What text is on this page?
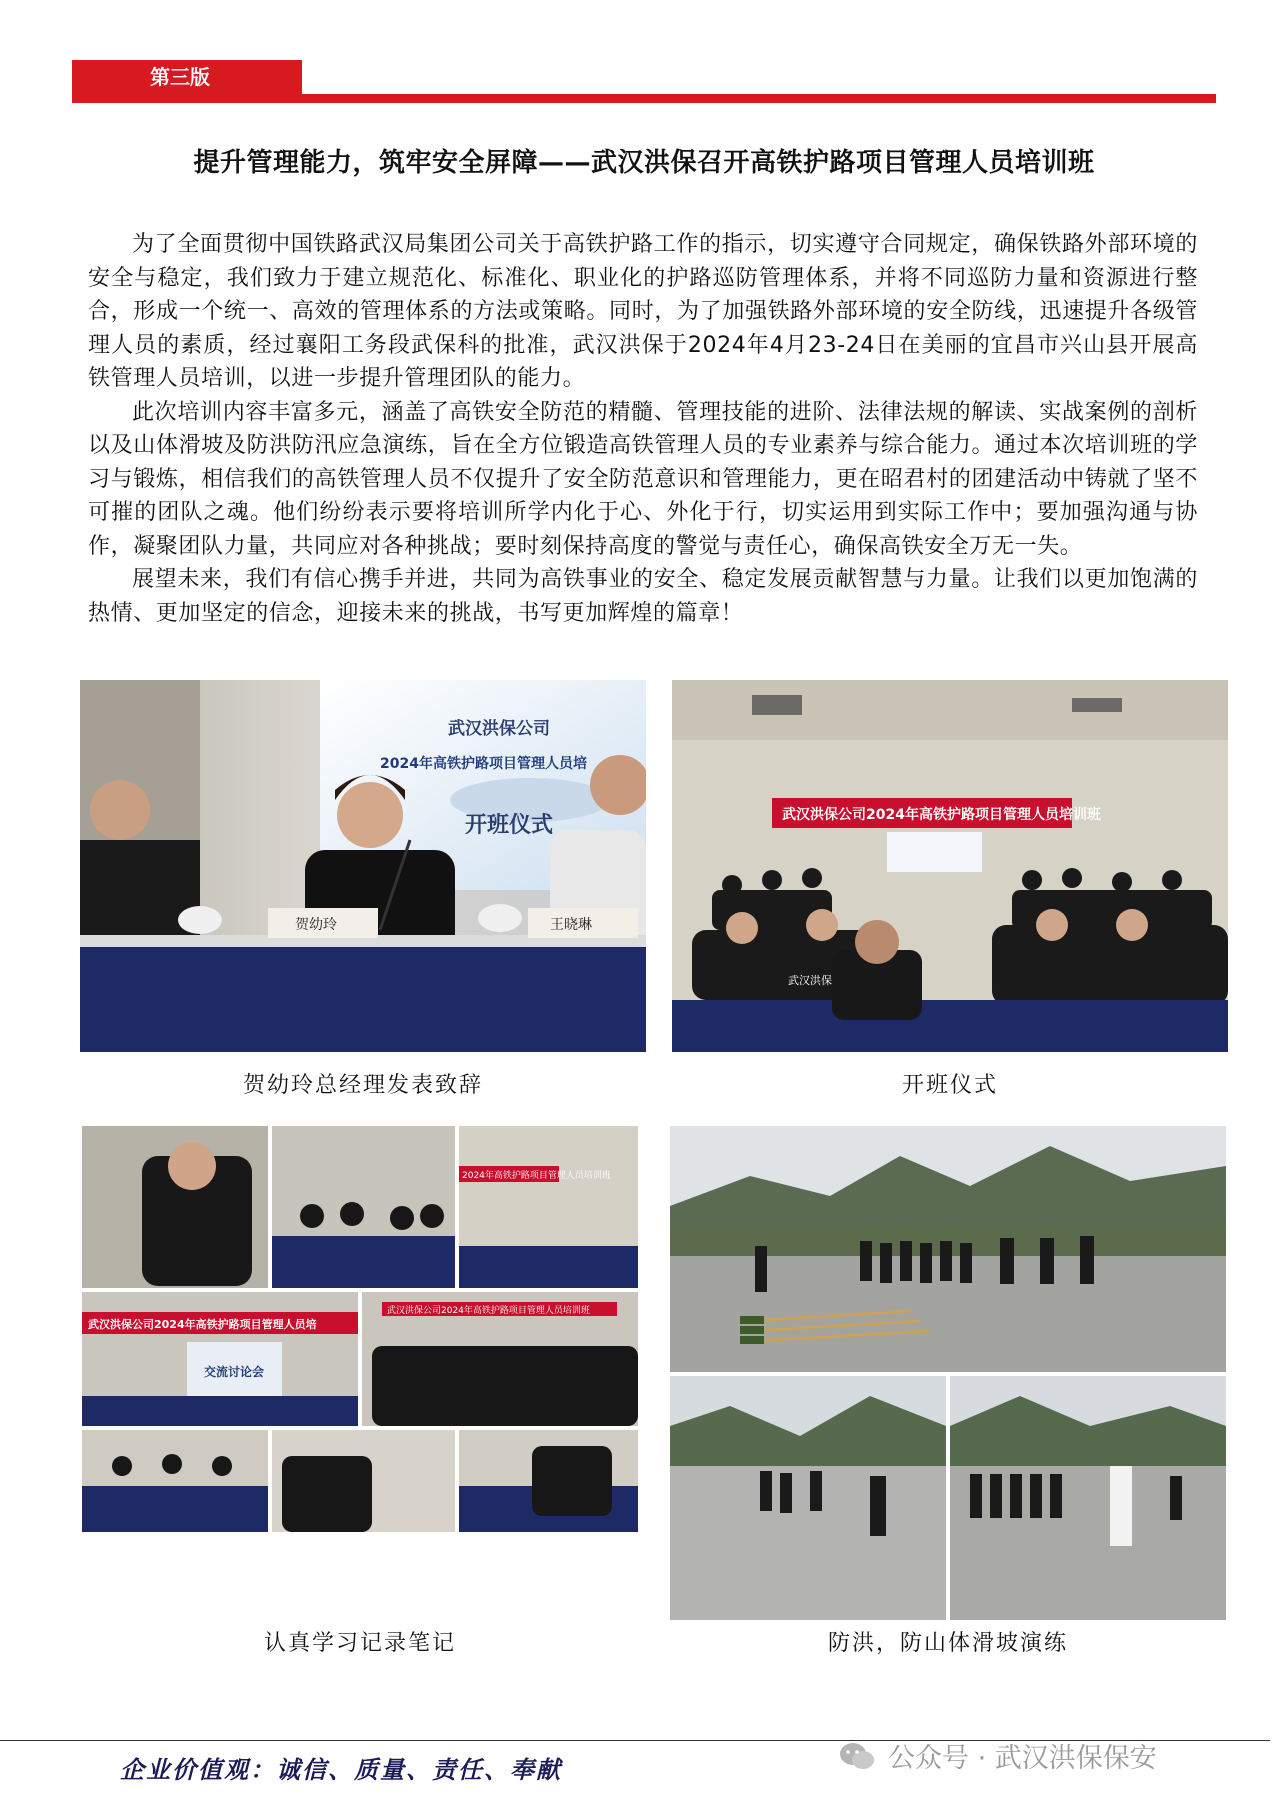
第三版
提升管理能力，筑牢安全屏障——武汉洪保召开高铁护路项目管理人员培训班

为了全面贯彻中国铁路武汉局集团公司关于高铁护路工作的指示，切实遵守合同规定，确保铁路外部环境的安全与稳定，我们致力于建立规范化、标准化、职业化的护路巡防管理体系，并将不同巡防力量和资源进行整合，形成一个统一、高效的管理体系的方法或策略。同时，为了加强铁路外部环境的安全防线，迅速提升各级管理人员的素质，经过襄阳工务段武保科的批准，武汉洪保于2024年4月23-24日在美丽的宜昌市兴山县开展高铁管理人员培训，以进一步提升管理团队的能力。

此次培训内容丰富多元，涵盖了高铁安全防范的精髓、管理技能的进阶、法律法规的解读、实战案例的剖析以及山体滑坡及防洪防汛应急演练，旨在全方位锻造高铁管理人员的专业素养与综合能力。通过本次培训班的学习与锻炼，相信我们的高铁管理人员不仅提升了安全防范意识和管理能力，更在昭君村的团建活动中铸就了坚不可摧的团队之魂。他们纷纷表示要将培训所学内化于心、外化于行，切实运用到实际工作中；要加强沟通与协作，凝聚团队力量，共同应对各种挑战；要时刻保持高度的警觉与责任心，确保高铁安全万无一失。

展望未来，我们有信心携手并进，共同为高铁事业的安全、稳定发展贡献智慧与力量。让我们以更加饱满的热情、更加坚定的信念，迎接未来的挑战，书写更加辉煌的篇章！

武汉洪保公司
2024年高铁护路项目管理人员培
开班仪式
贺幼玲	王晓琳
贺幼玲总经理发表致辞
武汉洪保公司2024年高铁护路项目管理人员培训班
武汉洪保
开班仪式
2024年高铁护路项目管理人员培训班
武汉洪保公司2024年高铁护路项目管理人员培
交流讨论会
武汉洪保公司2024年高铁护路项目管理人员培训班
认真学习记录笔记	防洪，防山体滑坡演练
企业价值观：诚信、质量、责任、奉献	公众号 · 武汉洪保保安
